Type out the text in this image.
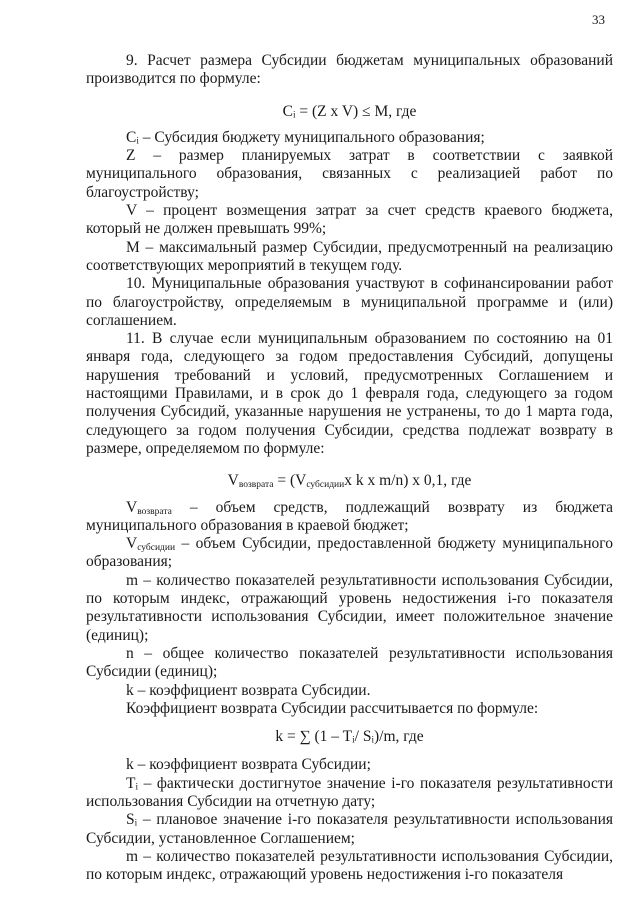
33

9. Расчет размера Субсидии бюджетам муниципальных образований производится по формуле:

Cᵢ = (Z x V) ≤ M, где

Cᵢ – Субсидия бюджету муниципального образования;

Z – размер планируемых затрат в соответствии с заявкой муниципального образования, связанных с реализацией работ по благоустройству;

V – процент возмещения затрат за счет средств краевого бюджета, который не должен превышать 99%;

M – максимальный размер Субсидии, предусмотренный на реализацию соответствующих мероприятий в текущем году.

10. Муниципальные образования участвуют в софинансировании работ по благоустройству, определяемым в муниципальной программе и (или) соглашением.

11. В случае если муниципальным образованием по состоянию на 01 января года, следующего за годом предоставления Субсидий, допущены нарушения требований и условий, предусмотренных Соглашением и настоящими Правилами, и в срок до 1 февраля года, следующего за годом получения Субсидий, указанные нарушения не устранены, то до 1 марта года, следующего за годом получения Субсидии, средства подлежат возврату в размере, определяемом по формуле:

$V_{возврата} = (V_{субсидии}x$ k x m/n) x 0,1, где

$V_{возврата}$ – объем средств, подлежащий возврату из бюджета муниципального образования в краевой бюджет;

$V_{субсидии}$ – объем Субсидии, предоставленной бюджету муниципального образования;

m – количество показателей результативности использования Субсидии, по которым индекс, отражающий уровень недостижения i-го показателя результативности использования Субсидии, имеет положительное значение (единиц);

n – общее количество показателей результативности использования Субсидии (единиц);

k – коэффициент возврата Субсидии.

Коэффициент возврата Субсидии рассчитывается по формуле:

k = ∑ (1 – Tᵢ/ Sᵢ)/m, где

k – коэффициент возврата Субсидии;

Tᵢ – фактически достигнутое значение i-го показателя результативности использования Субсидии на отчетную дату;

Sᵢ – плановое значение i-го показателя результативности использования Субсидии, установленное Соглашением;

m – количество показателей результативности использования Субсидии, по которым индекс, отражающий уровень недостижения i-го показателя
